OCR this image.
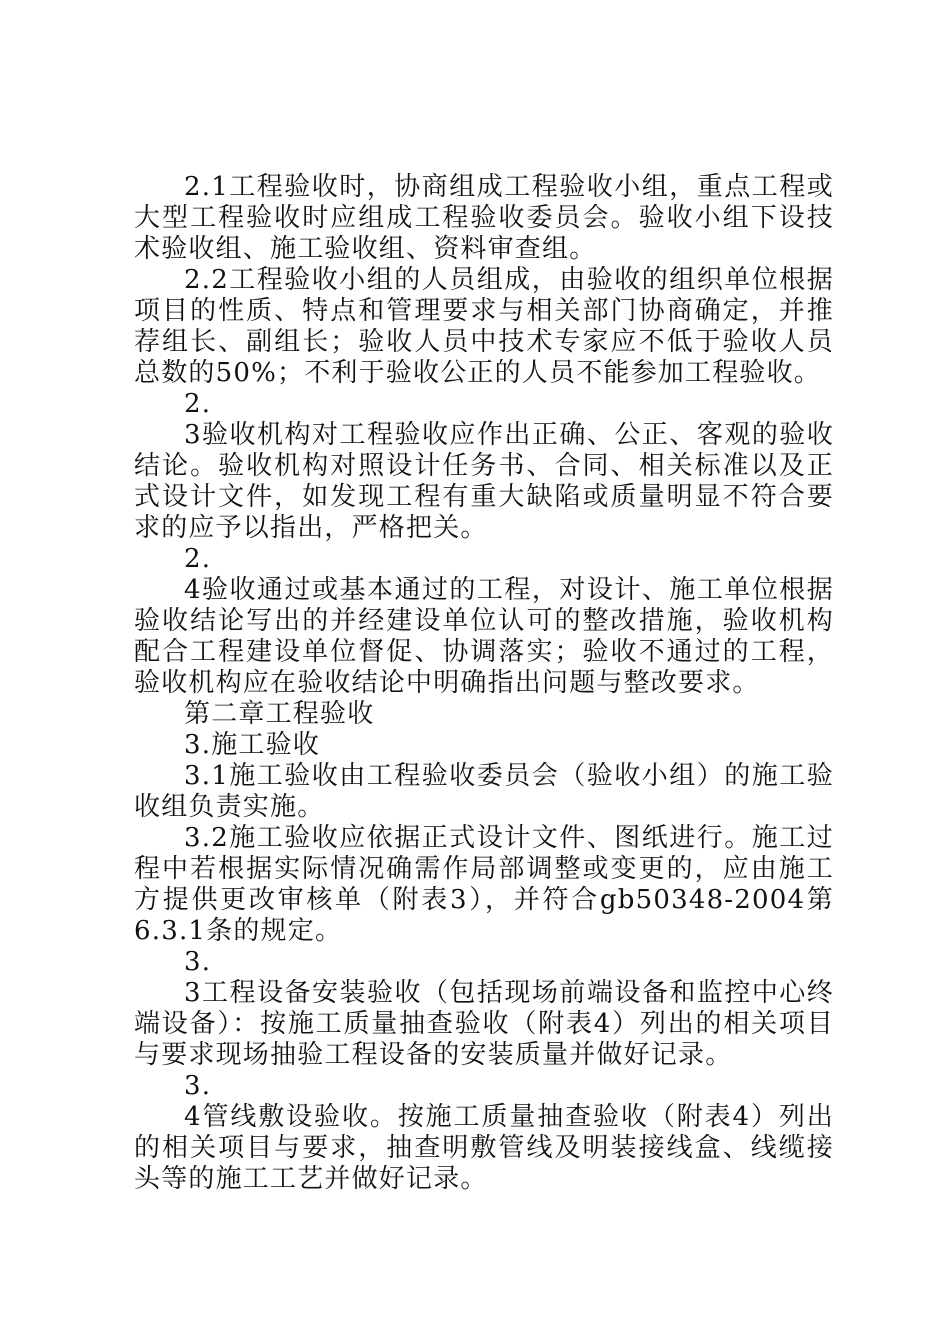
2.1工程验收时，协商组成工程验收小组，重点工程或大型工程验收时应组成工程验收委员会。验收小组下设技术验收组、施工验收组、资料审查组。

2.2工程验收小组的人员组成，由验收的组织单位根据项目的性质、特点和管理要求与相关部门协商确定，并推荐组长、副组长；验收人员中技术专家应不低于验收人员总数的50%；不利于验收公正的人员不能参加工程验收。

2.

3验收机构对工程验收应作出正确、公正、客观的验收结论。验收机构对照设计任务书、合同、相关标准以及正式设计文件，如发现工程有重大缺陷或质量明显不符合要求的应予以指出，严格把关。

2.

4验收通过或基本通过的工程，对设计、施工单位根据验收结论写出的并经建设单位认可的整改措施，验收机构配合工程建设单位督促、协调落实；验收不通过的工程，验收机构应在验收结论中明确指出问题与整改要求。

第二章工程验收

3.施工验收

3.1施工验收由工程验收委员会（验收小组）的施工验收组负责实施。

3.2施工验收应依据正式设计文件、图纸进行。施工过程中若根据实际情况确需作局部调整或变更的，应由施工方提供更改审核单（附表3），并符合gb50348-2004第6.3.1条的规定。

3.

3工程设备安装验收（包括现场前端设备和监控中心终端设备）：按施工质量抽查验收（附表4）列出的相关项目与要求现场抽验工程设备的安装质量并做好记录。

3.

4管线敷设验收。按施工质量抽查验收（附表4）列出的相关项目与要求，抽查明敷管线及明装接线盒、线缆接头等的施工工艺并做好记录。
